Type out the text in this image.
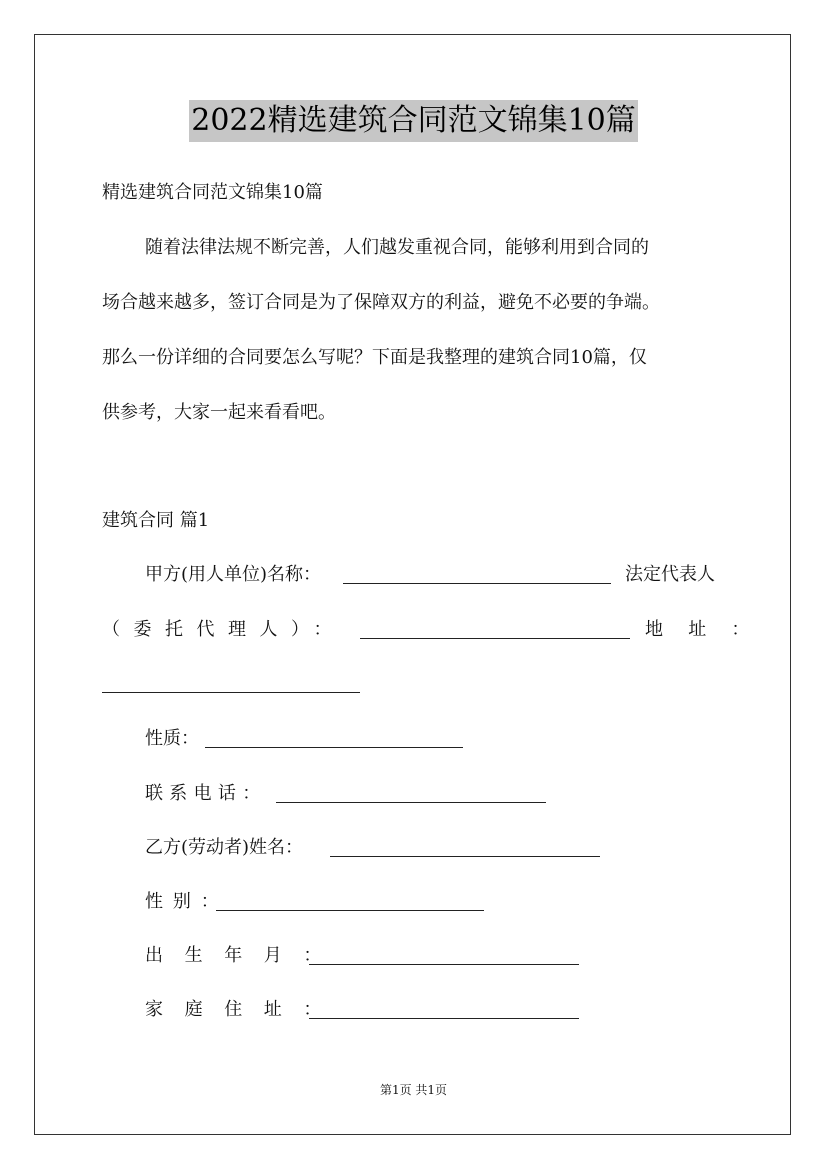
2022精选建筑合同范文锦集10篇
精选建筑合同范文锦集10篇
随着法律法规不断完善，人们越发重视合同，能够利用到合同的
场合越来越多，签订合同是为了保障双方的利益，避免不必要的争端。
那么一份详细的合同要怎么写呢？下面是我整理的建筑合同10篇，仅
供参考，大家一起来看看吧。
建筑合同 篇1
甲方(用人单位)名称：	法定代表人
（委托代理人）：	地址：
性质：
联系电话：
乙方(劳动者)姓名：
性别：
出生年月：
家庭住址：
第1页 共1页
